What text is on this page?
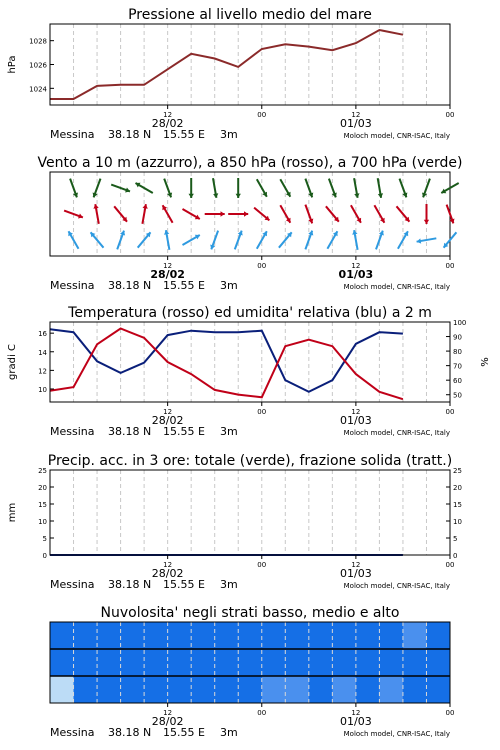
Pressione al livello medio del mare
1024
1026
1028
hPa
12	00	12	00
28/02	01/03
Messina 38.18 N 15.55 E 3m	Moloch model, CNR-ISAC, Italy
Vento a 10 m (azzurro), a 850 hPa (rosso), a 700 hPa (verde)
12	00	12	00
28/02	01/03
Messina 38.18 N 15.55 E 3m	Moloch model, CNR-ISAC, Italy
Temperatura (rosso) ed umidita' relativa (blu) a 2 m
10
12
14
16
50
60
70
80
90
100
gradi C	%
12	00	12	00
28/02	01/03
Messina 38.18 N 15.55 E 3m	Moloch model, CNR-ISAC, Italy
Precip. acc. in 3 ore: totale (verde), frazione solida (tratt.)
0
5
10
15
20
25
0
5
10
15
20
25
mm
12	00	12	00
28/02	01/03
Messina 38.18 N 15.55 E 3m	Moloch model, CNR-ISAC, Italy
Nuvolosita' negli strati basso, medio e alto
12	00	12	00
28/02	01/03
Messina 38.18 N 15.55 E 3m	Moloch model, CNR-ISAC, Italy
